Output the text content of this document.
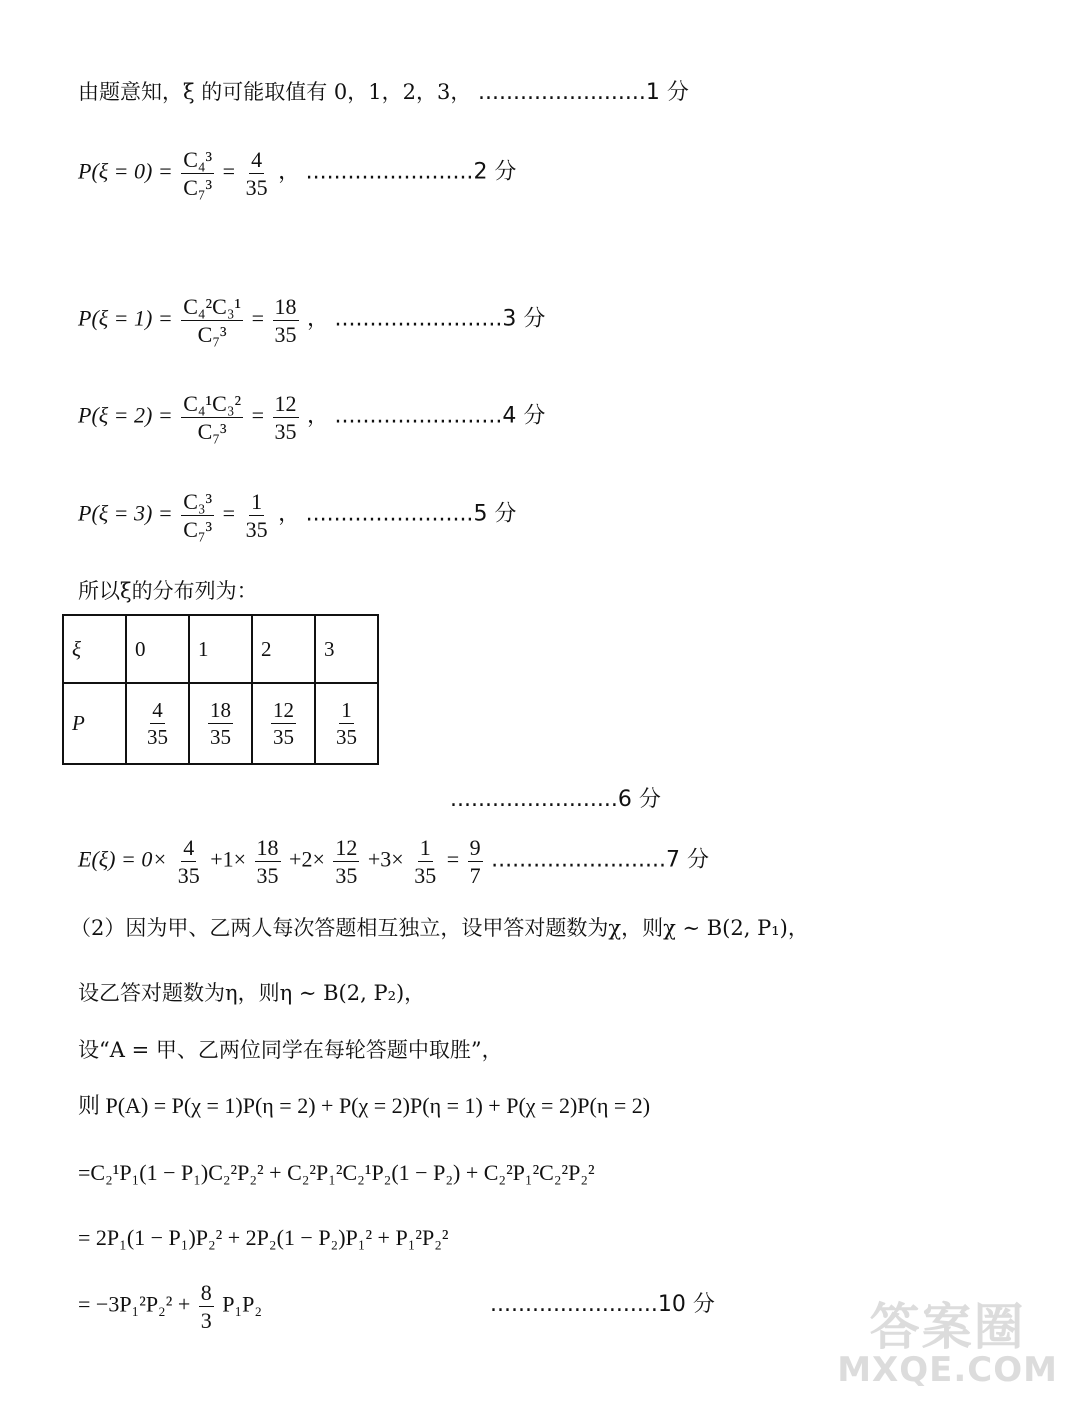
由题意知，ξ 的可能取值有 0，1，2，3， ........................1 分
$P(\xi = 0) = \frac{\text{C₄³}}{\text{C₇³}} = \frac{4}{35}$ ， ........................2 分
$P(\xi = 1) = \frac{\text{C₄²C₃¹}}{\text{C₇³}} = \frac{18}{35}$ ， ........................3 分
$P(\xi = 2) = \frac{\text{C₄¹C₃²}}{\text{C₇³}} = \frac{12}{35}$ ， ........................4 分
$P(\xi = 3) = \frac{\text{C₃³}}{\text{C₇³}} = \frac{1}{35}$ ， ........................5 分
所以ξ的分布列为：
ξ	0	1	2	3
P	$\frac{4}{35}$	$\frac{18}{35}$	$\frac{12}{35}$	$\frac{1}{35}$
........................6 分
$E(\xi) = 0\times \frac{4}{35} +1\times \frac{18}{35} +2\times \frac{12}{35} +3\times \frac{1}{35} = \frac{9}{7} .........................7$ 分
（2）因为甲、乙两人每次答题相互独立，设甲答对题数为χ，则χ ∼ B(2, P₁)，
设乙答对题数为η，则η ∼ B(2, P₂)，
设“A = 甲、乙两位同学在每轮答题中取胜”，
则 P(A) = P(χ = 1)P(η = 2) + P(χ = 2)P(η = 1) + P(χ = 2)P(η = 2)
=C₂¹P₁(1 − P₁)C₂²P₂² + C₂²P₁²C₂¹P₂(1 − P₂) + C₂²P₁²C₂²P₂²
= 2P₁(1 − P₁)P₂² + 2P₂(1 − P₂)P₁² + P₁²P₂²
= $-3P_1^2P_2^2 + \frac{8}{3} P_1P_2$	........................10 分	答案圈
MXQE.COM
